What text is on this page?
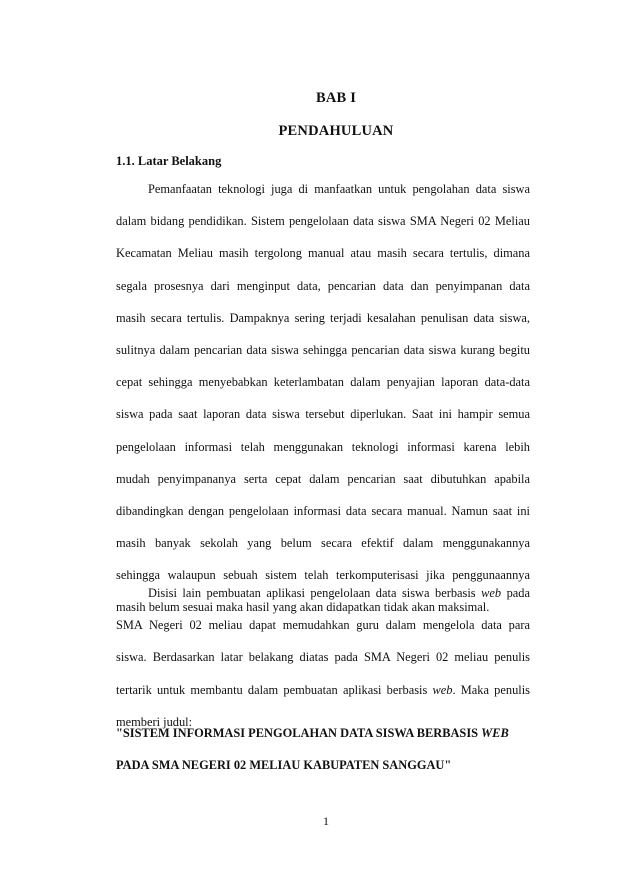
BAB I
PENDAHULUAN
1.1. Latar Belakang
Pemanfaatan teknologi juga di manfaatkan untuk pengolahan data siswa
dalam bidang pendidikan. Sistem pengelolaan data siswa SMA Negeri 02 Meliau
Kecamatan Meliau masih tergolong manual atau masih secara tertulis, dimana
segala prosesnya dari menginput data, pencarian data dan penyimpanan data
masih secara tertulis. Dampaknya sering terjadi kesalahan penulisan data siswa,
sulitnya dalam pencarian data siswa sehingga pencarian data siswa kurang begitu
cepat sehingga menyebabkan keterlambatan dalam penyajian laporan data-data
siswa pada saat laporan data siswa tersebut diperlukan. Saat ini hampir semua
pengelolaan informasi telah menggunakan teknologi informasi karena lebih
mudah penyimpananya serta cepat dalam pencarian saat dibutuhkan apabila
dibandingkan dengan pengelolaan informasi data secara manual. Namun saat ini
masih banyak sekolah yang belum secara efektif dalam menggunakannya
sehingga walaupun sebuah sistem telah terkomputerisasi jika penggunaannya
masih belum sesuai maka hasil yang akan didapatkan tidak akan maksimal.
Disisi lain pembuatan aplikasi pengelolaan data siswa berbasis web pada
SMA Negeri 02 meliau dapat memudahkan guru dalam mengelola data para
siswa. Berdasarkan latar belakang diatas pada SMA Negeri 02 meliau penulis
tertarik untuk membantu dalam pembuatan aplikasi berbasis web. Maka penulis
memberi judul:
"SISTEM INFORMASI PENGOLAHAN DATA SISWA BERBASIS WEB
PADA SMA NEGERI 02 MELIAU KABUPATEN SANGGAU"
1
